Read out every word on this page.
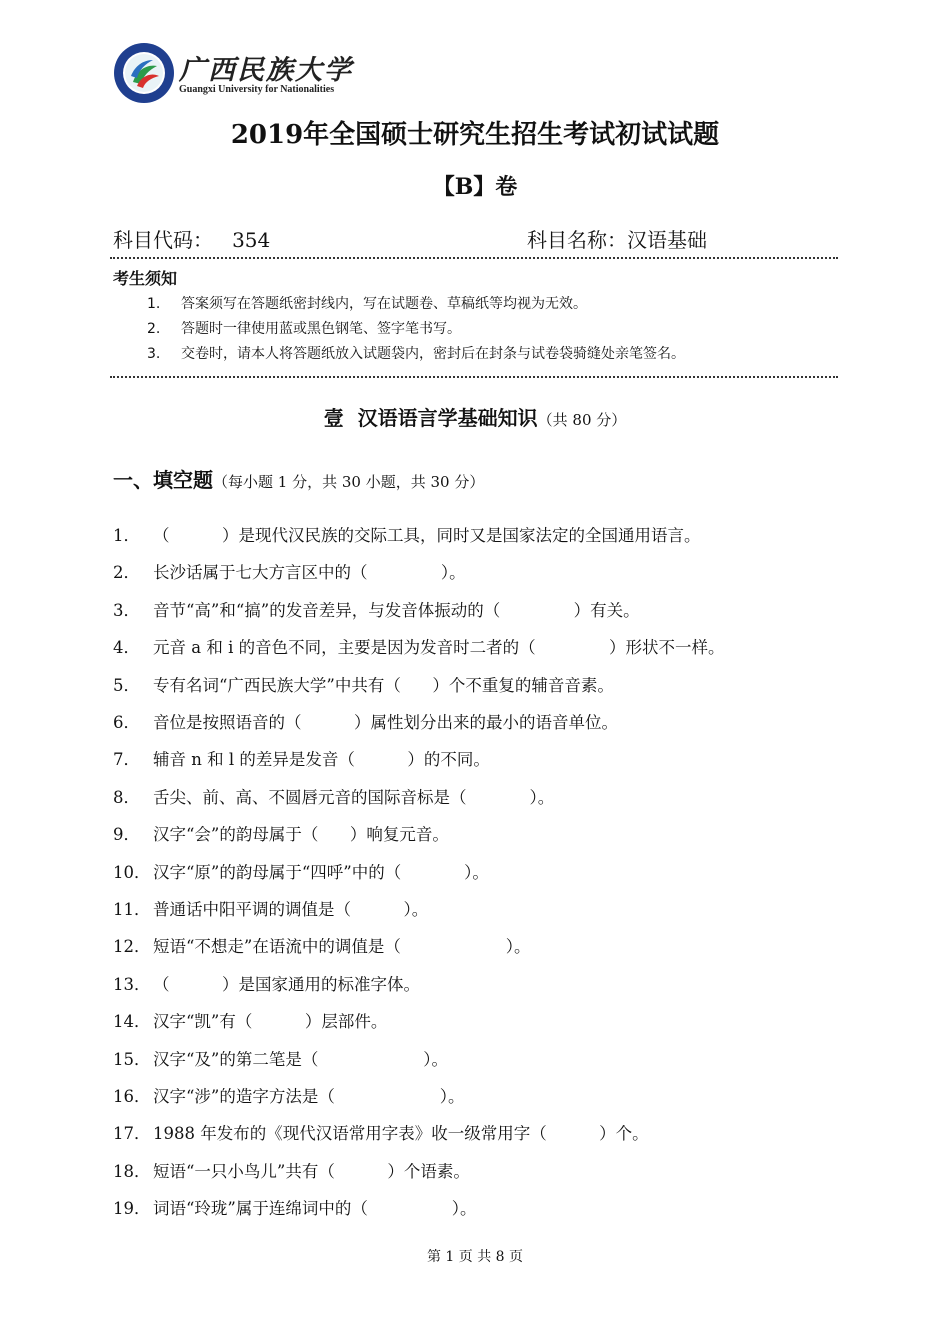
广西民族大学
Guangxi University for Nationalities
2019年全国硕士研究生招生考试初试试题
【B】卷
科目代码：   354	科目名称：汉语基础
考生须知
1. 答案须写在答题纸密封线内，写在试题卷、草稿纸等均视为无效。
2. 答题时一律使用蓝或黑色钢笔、签字笔书写。
3. 交卷时，请本人将答题纸放入试题袋内，密封后在封条与试卷袋骑缝处亲笔签名。
壹  汉语语言学基础知识（共 80 分）
一、填空题（每小题 1 分，共 30 小题，共 30 分）
1． （          ）是现代汉民族的交际工具，同时又是国家法定的全国通用语言。
2． 长沙话属于七大方言区中的（              ）。
3． 音节“高”和“搞”的发音差异，与发音体振动的（              ）有关。
4． 元音 a 和 i 的音色不同，主要是因为发音时二者的（              ）形状不一样。
5． 专有名词“广西民族大学”中共有（      ）个不重复的辅音音素。
6． 音位是按照语音的（          ）属性划分出来的最小的语音单位。
7． 辅音 n 和 l 的差异是发音（          ）的不同。
8． 舌尖、前、高、不圆唇元音的国际音标是（            ）。
9． 汉字“会”的韵母属于（      ）响复元音。
10． 汉字“原”的韵母属于“四呼”中的（            ）。
11． 普通话中阳平调的调值是（          ）。
12． 短语“不想走”在语流中的调值是（                    ）。
13． （          ）是国家通用的标准字体。
14． 汉字“凯”有（          ）层部件。
15． 汉字“及”的第二笔是（                    ）。
16． 汉字“涉”的造字方法是（                    ）。
17． 1988 年发布的《现代汉语常用字表》收一级常用字（          ）个。
18． 短语“一只小鸟儿”共有（          ）个语素。
19． 词语“玲珑”属于连绵词中的（                ）。
第 1 页 共 8 页
